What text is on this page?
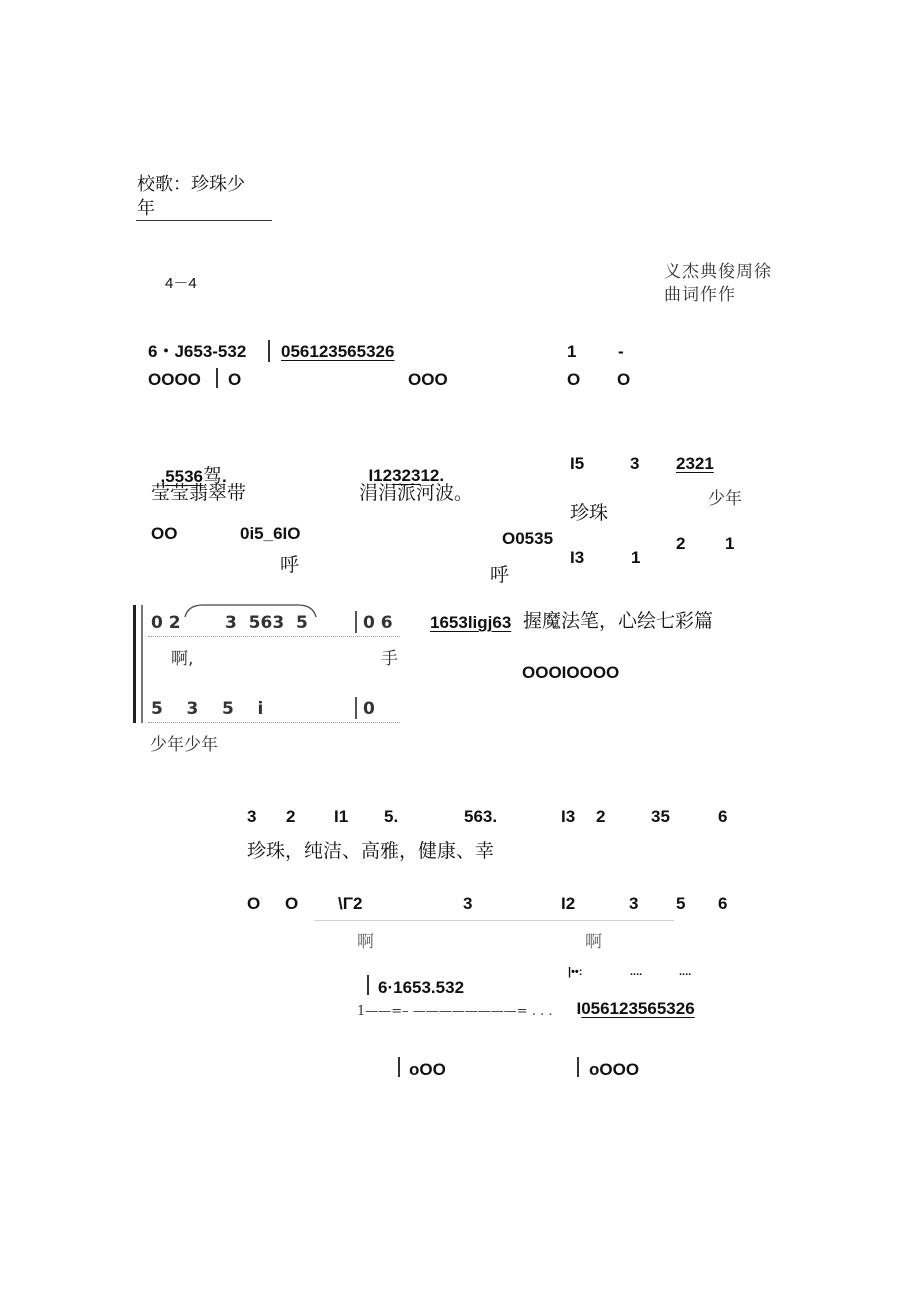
校歌：珍珠少
年
4－4
义杰典俊周徐
曲词作作
6・J653-532 056123565326	1 -
OOOO O	OOO	O O

,5536驾.	I1232312.

I5	3 2321
莹莹翡翠带	涓涓派河波。	少年
珍珠
OO	0i5_6IO	O0535
I3	1
2 1
呼	呼
0 2	3  563  5	0 6
啊,	手
5    3    5    i	0
1653ligj63 握魔法笔，心绘七彩篇
OOOIOOOO
少年少年
3 2 I1 5.	563.	I3 2	35	6
珍珠，纯洁、高雅，健康、幸
O O \Γ2	3	I2	3 5 6
啊	啊
|••:	....	....
6·1653.532

I056123565326

1——=– ————————= . . .
oOO	oOOO
